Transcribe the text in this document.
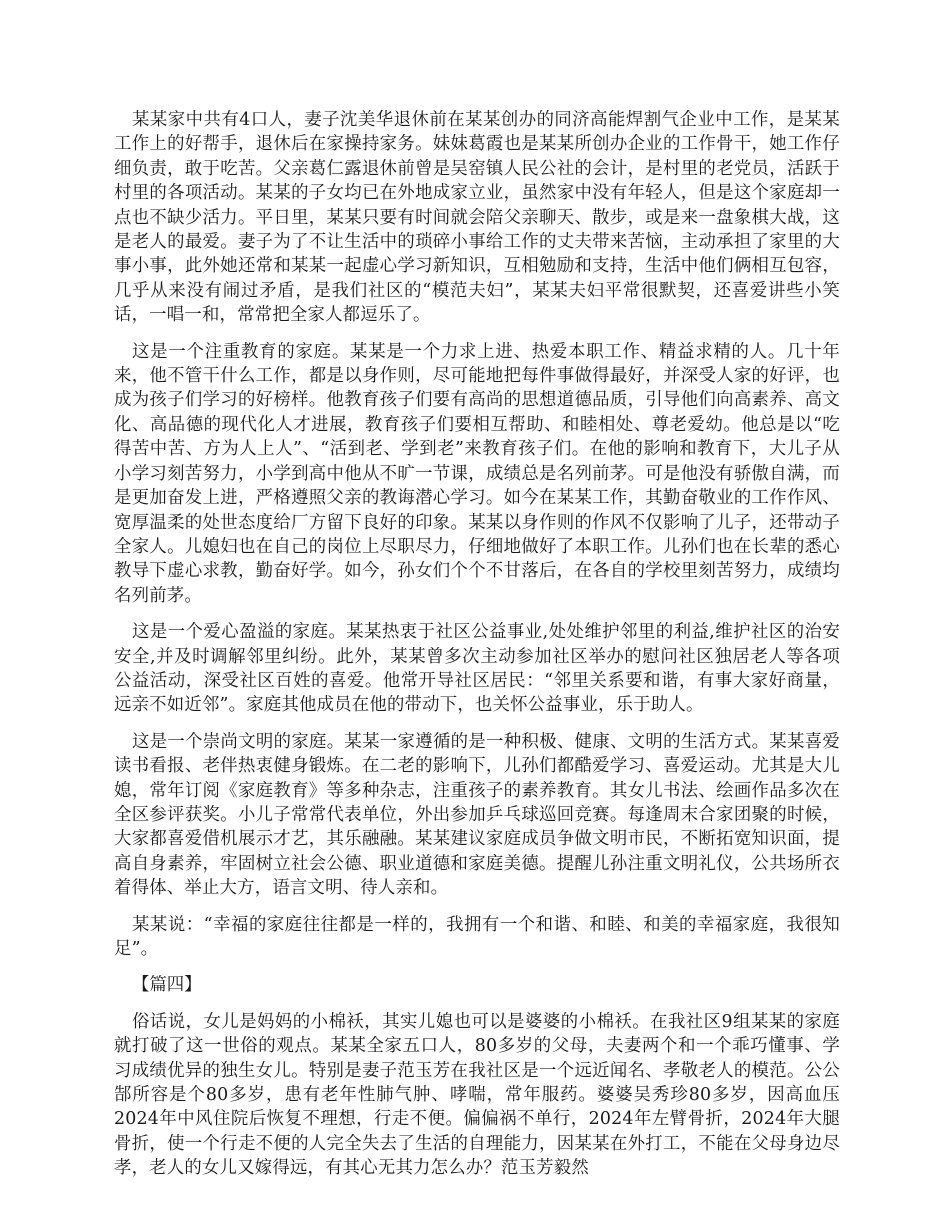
某某家中共有4口人，妻子沈美华退休前在某某创办的同济高能焊割气企业中工作，是某某工作上的好帮手，退休后在家操持家务。妹妹葛霞也是某某所创办企业的工作骨干，她工作仔细负责，敢于吃苦。父亲葛仁露退休前曾是吴窑镇人民公社的会计，是村里的老党员，活跃于村里的各项活动。某某的子女均已在外地成家立业，虽然家中没有年轻人，但是这个家庭却一点也不缺少活力。平日里，某某只要有时间就会陪父亲聊天、散步，或是来一盘象棋大战，这是老人的最爱。妻子为了不让生活中的琐碎小事给工作的丈夫带来苦恼，主动承担了家里的大事小事，此外她还常和某某一起虚心学习新知识，互相勉励和支持，生活中他们俩相互包容，几乎从来没有闹过矛盾，是我们社区的“模范夫妇”，某某夫妇平常很默契，还喜爱讲些小笑话，一唱一和，常常把全家人都逗乐了。

这是一个注重教育的家庭。某某是一个力求上进、热爱本职工作、精益求精的人。几十年来，他不管干什么工作，都是以身作则，尽可能地把每件事做得最好，并深受人家的好评，也成为孩子们学习的好榜样。他教育孩子们要有高尚的思想道德品质，引导他们向高素养、高文化、高品德的现代化人才进展，教育孩子们要相互帮助、和睦相处、尊老爱幼。他总是以“吃得苦中苦、方为人上人”、“活到老、学到老”来教育孩子们。在他的影响和教育下，大儿子从小学习刻苦努力，小学到高中他从不旷一节课，成绩总是名列前茅。可是他没有骄傲自满，而是更加奋发上进，严格遵照父亲的教诲潜心学习。如今在某某工作，其勤奋敬业的工作作风、宽厚温柔的处世态度给厂方留下良好的印象。某某以身作则的作风不仅影响了儿子，还带动子全家人。儿媳妇也在自己的岗位上尽职尽力，仔细地做好了本职工作。儿孙们也在长辈的悉心教导下虚心求教，勤奋好学。如今，孙女们个个不甘落后，在各自的学校里刻苦努力，成绩均名列前茅。

这是一个爱心盈溢的家庭。某某热衷于社区公益事业,处处维护邻里的利益,维护社区的治安安全,并及时调解邻里纠纷。此外，某某曾多次主动参加社区举办的慰问社区独居老人等各项公益活动，深受社区百姓的喜爱。他常开导社区居民：“邻里关系要和谐，有事大家好商量，远亲不如近邻”。家庭其他成员在他的带动下，也关怀公益事业，乐于助人。

这是一个崇尚文明的家庭。某某一家遵循的是一种积极、健康、文明的生活方式。某某喜爱读书看报、老伴热衷健身锻炼。在二老的影响下，儿孙们都酷爱学习、喜爱运动。尤其是大儿媳，常年订阅《家庭教育》等多种杂志，注重孩子的素养教育。其女儿书法、绘画作品多次在全区参评获奖。小儿子常常代表单位，外出参加乒乓球巡回竞赛。每逢周末合家团聚的时候，大家都喜爱借机展示才艺，其乐融融。某某建议家庭成员争做文明市民，不断拓宽知识面，提高自身素养，牢固树立社会公德、职业道德和家庭美德。提醒儿孙注重文明礼仪，公共场所衣着得体、举止大方，语言文明、待人亲和。

某某说：“幸福的家庭往往都是一样的，我拥有一个和谐、和睦、和美的幸福家庭，我很知足”。

【篇四】

俗话说，女儿是妈妈的小棉袄，其实儿媳也可以是婆婆的小棉袄。在我社区9组某某的家庭就打破了这一世俗的观点。某某全家五口人，80多岁的父母，夫妻两个和一个乖巧懂事、学习成绩优异的独生女儿。特别是妻子范玉芳在我社区是一个远近闻名、孝敬老人的模范。公公郜所容是个80多岁，患有老年性肺气肿、哮喘，常年服药。婆婆吴秀珍80多岁，因高血压2024年中风住院后恢复不理想，行走不便。偏偏祸不单行，2024年左臂骨折，2024年大腿骨折，使一个行走不便的人完全失去了生活的自理能力，因某某在外打工，不能在父母身边尽孝，老人的女儿又嫁得远，有其心无其力怎么办？范玉芳毅然
